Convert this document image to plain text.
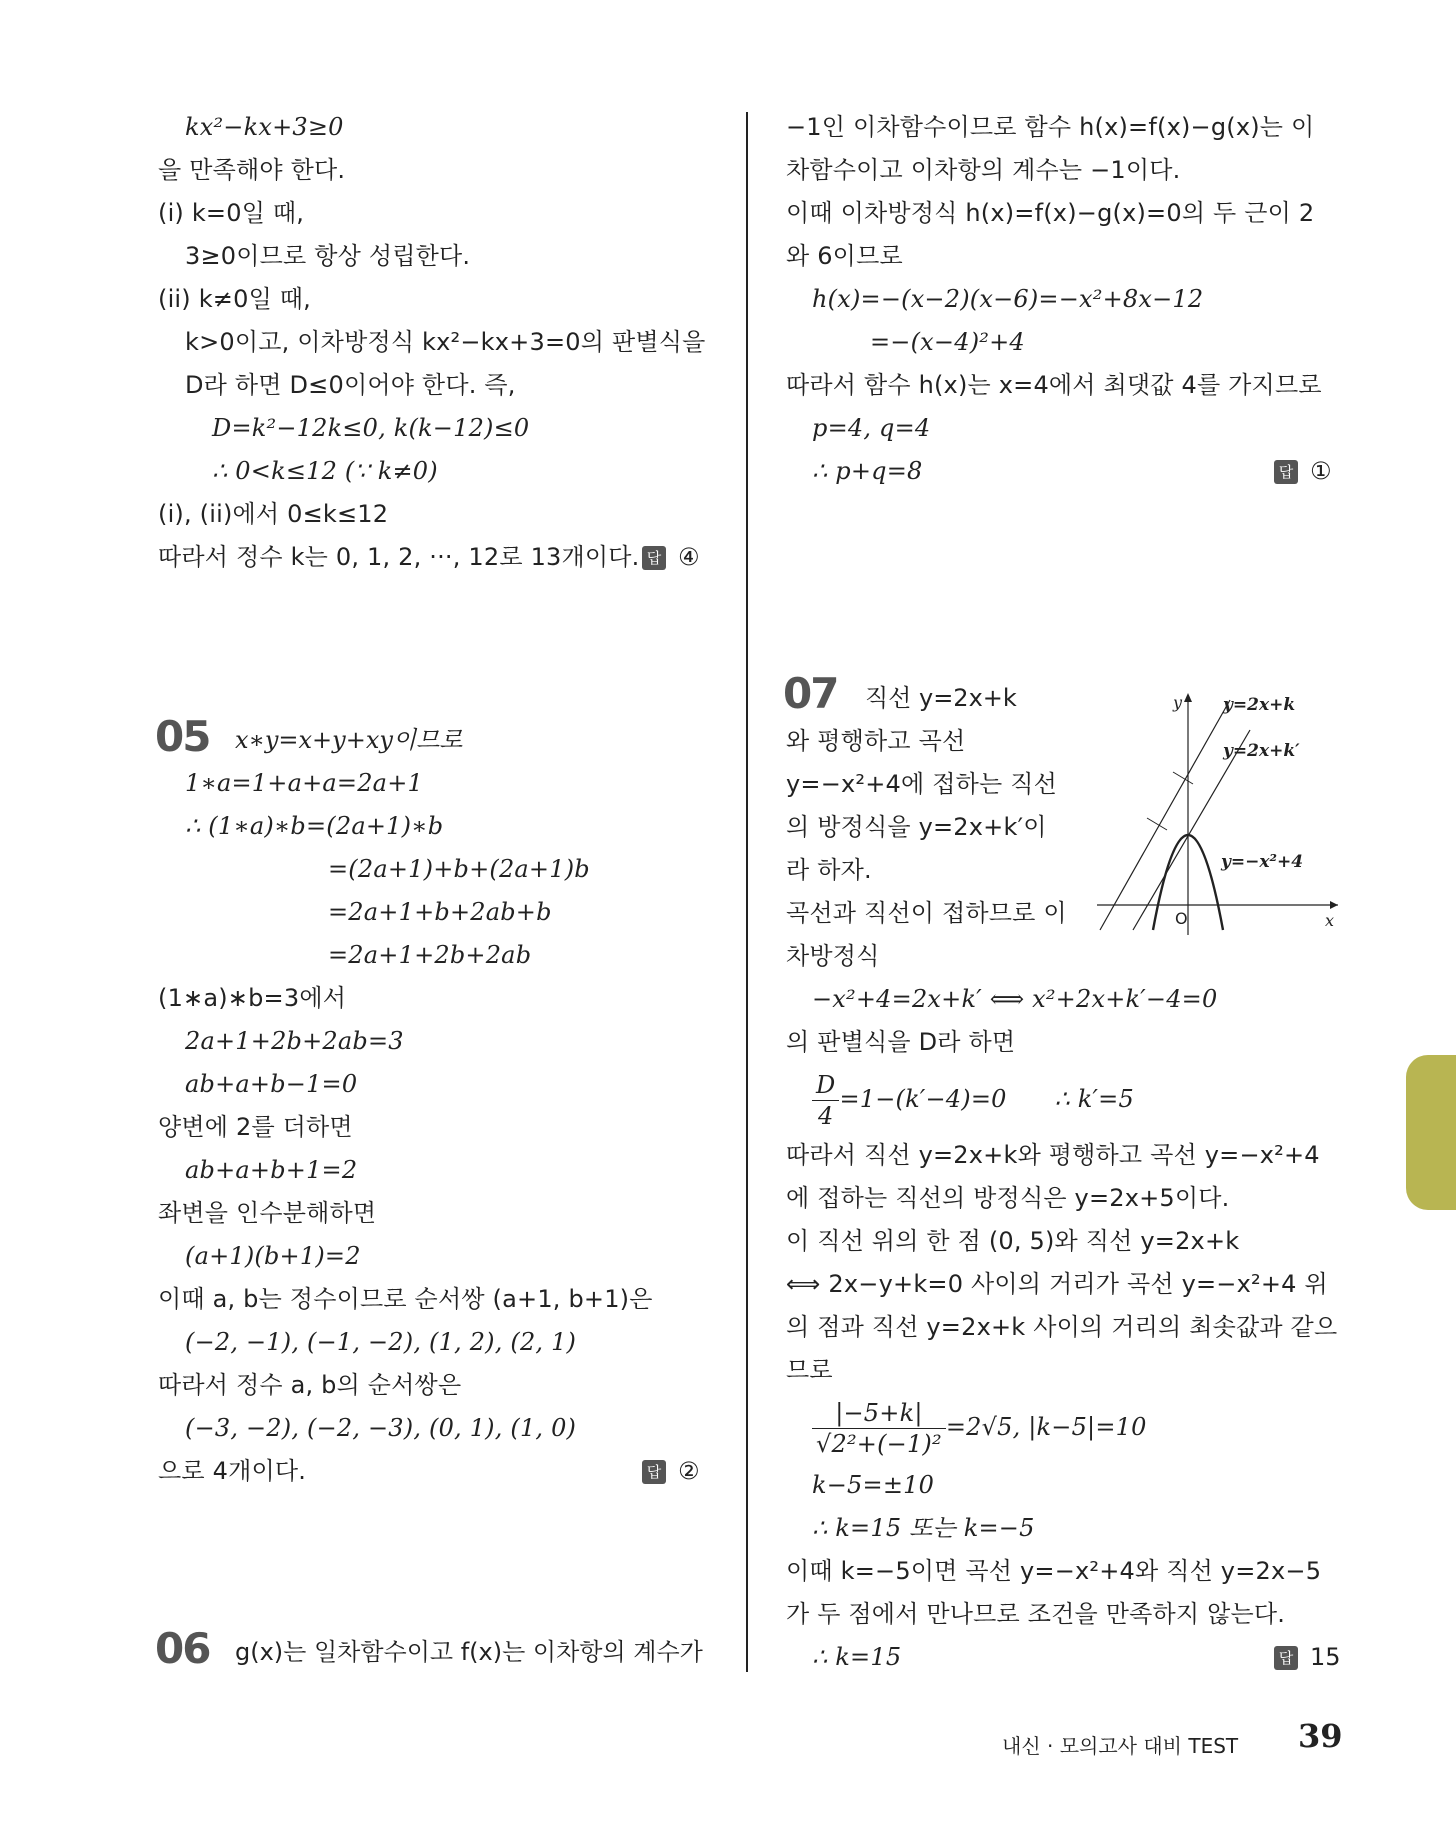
kx²−kx+3≥0
을 만족해야 한다.
(i) k=0일 때,
3≥0이므로 항상 성립한다.
(ii) k≠0일 때,
k>0이고, 이차방정식 kx²−kx+3=0의 판별식을
D라 하면 D≤0이어야 한다. 즉,
D=k²−12k≤0, k(k−12)≤0
∴ 0<k≤12 (∵ k≠0)
(i), (ii)에서 0≤k≤12
따라서 정수 k는 0, 1, 2, ···, 12로 13개이다. 답 ④
05 x∗y=x+y+xy이므로
1∗a=1+a+a=2a+1
∴ (1∗a)∗b=(2a+1)∗b
=(2a+1)+b+(2a+1)b
=2a+1+b+2ab+b
=2a+1+2b+2ab
(1∗a)∗b=3에서
2a+1+2b+2ab=3
ab+a+b−1=0
양변에 2를 더하면
ab+a+b+1=2
좌변을 인수분해하면
(a+1)(b+1)=2
이때 a, b는 정수이므로 순서쌍 (a+1, b+1)은
(−2, −1), (−1, −2), (1, 2), (2, 1)
따라서 정수 a, b의 순서쌍은
(−3, −2), (−2, −3), (0, 1), (1, 0)
으로 4개이다.	답 ②
06 g(x)는 일차함수이고 f(x)는 이차항의 계수가
−1인 이차함수이므로 함수 h(x)=f(x)−g(x)는 이
차함수이고 이차항의 계수는 −1이다.
이때 이차방정식 h(x)=f(x)−g(x)=0의 두 근이 2
와 6이므로
h(x)=−(x−2)(x−6)=−x²+8x−12
=−(x−4)²+4
따라서 함수 h(x)는 x=4에서 최댓값 4를 가지므로
p=4, q=4
∴ p+q=8	답 ①
07 직선 y=2x+k
와 평행하고 곡선
y=−x²+4에 접하는 직선
의 방정식을 y=2x+k′이
라 하자.
곡선과 직선이 접하므로 이
차방정식
y=2x+k
y=2x+k′
y=−x²+4
x
y
O
−x²+4=2x+k′ ⟺ x²+2x+k′−4=0
의 판별식을 D라 하면
$\frac{D}{4} =1-(k'-4)=0$ ∴ k′=5
따라서 직선 y=2x+k와 평행하고 곡선 y=−x²+4
에 접하는 직선의 방정식은 y=2x+5이다.
이 직선 위의 한 점 (0, 5)와 직선 y=2x+k
⟺ 2x−y+k=0 사이의 거리가 곡선 y=−x²+4 위
의 점과 직선 y=2x+k 사이의 거리의 최솟값과 같으
므로
$\frac{|-5+k|}{\text{√2²+(−1)²}} =2√5$, |k−5|=10
k−5=±10
∴ k=15 또는 k=−5
이때 k=−5이면 곡선 y=−x²+4와 직선 y=2x−5
가 두 점에서 만나므로 조건을 만족하지 않는다.
∴ k=15	답 15
내신 · 모의고사 대비 TEST 39
